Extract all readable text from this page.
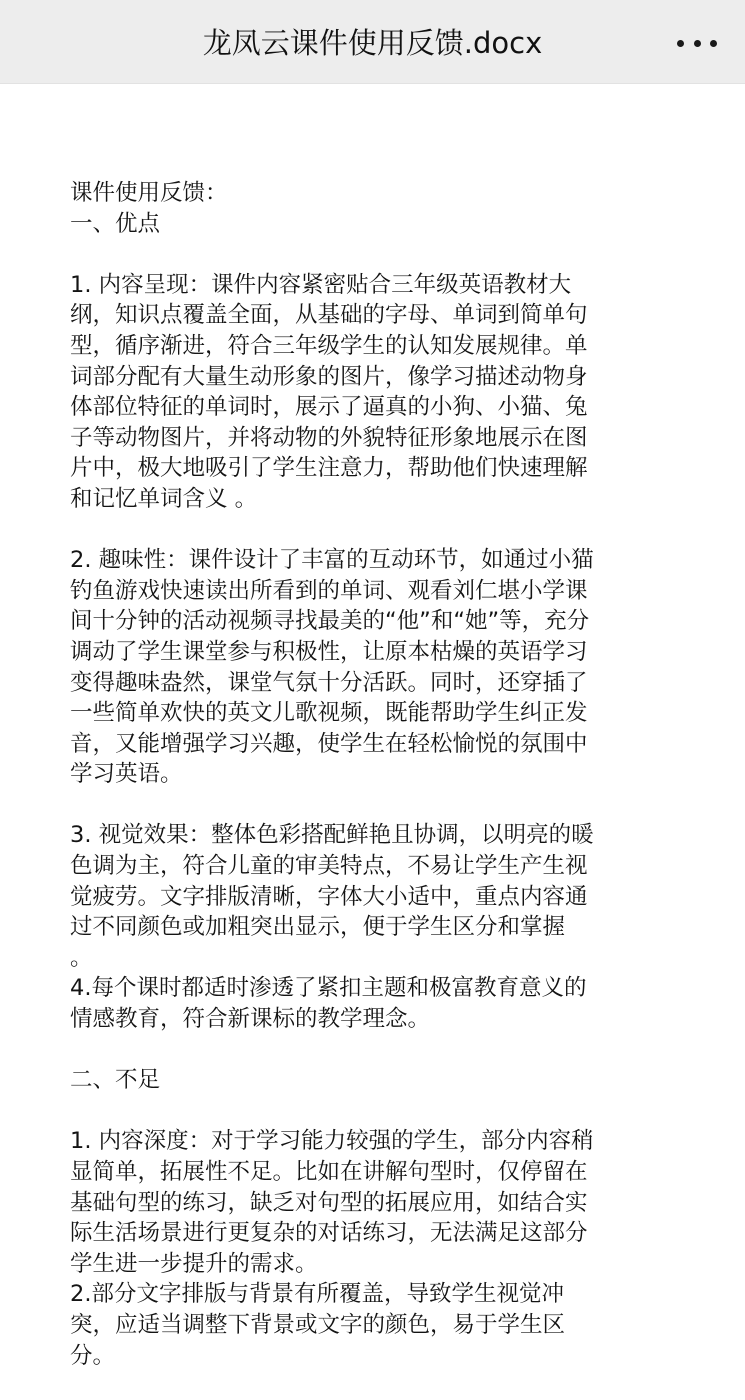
龙凤云课件使用反馈.docx
课件使用反馈：
一、优点
1. 内容呈现：课件内容紧密贴合三年级英语教材大
纲，知识点覆盖全面，从基础的字母、单词到简单句
型，循序渐进，符合三年级学生的认知发展规律。单
词部分配有大量生动形象的图片，像学习描述动物身
体部位特征的单词时，展示了逼真的小狗、小猫、兔
子等动物图片，并将动物的外貌特征形象地展示在图
片中，极大地吸引了学生注意力，帮助他们快速理解
和记忆单词含义 。
2. 趣味性：课件设计了丰富的互动环节，如通过小猫
钓鱼游戏快速读出所看到的单词、观看刘仁堪小学课
间十分钟的活动视频寻找最美的“他”和“她”等，充分
调动了学生课堂参与积极性，让原本枯燥的英语学习
变得趣味盎然，课堂气氛十分活跃。同时，还穿插了
一些简单欢快的英文儿歌视频，既能帮助学生纠正发
音，又能增强学习兴趣，使学生在轻松愉悦的氛围中
学习英语。
3. 视觉效果：整体色彩搭配鲜艳且协调，以明亮的暖
色调为主，符合儿童的审美特点，不易让学生产生视
觉疲劳。文字排版清晰，字体大小适中，重点内容通
过不同颜色或加粗突出显示，便于学生区分和掌握
。
4.每个课时都适时渗透了紧扣主题和极富教育意义的
情感教育，符合新课标的教学理念。
二、不足
1. 内容深度：对于学习能力较强的学生，部分内容稍
显简单，拓展性不足。比如在讲解句型时，仅停留在
基础句型的练习，缺乏对句型的拓展应用，如结合实
际生活场景进行更复杂的对话练习，无法满足这部分
学生进一步提升的需求。
2.部分文字排版与背景有所覆盖，导致学生视觉冲
突，应适当调整下背景或文字的颜色，易于学生区
分。
